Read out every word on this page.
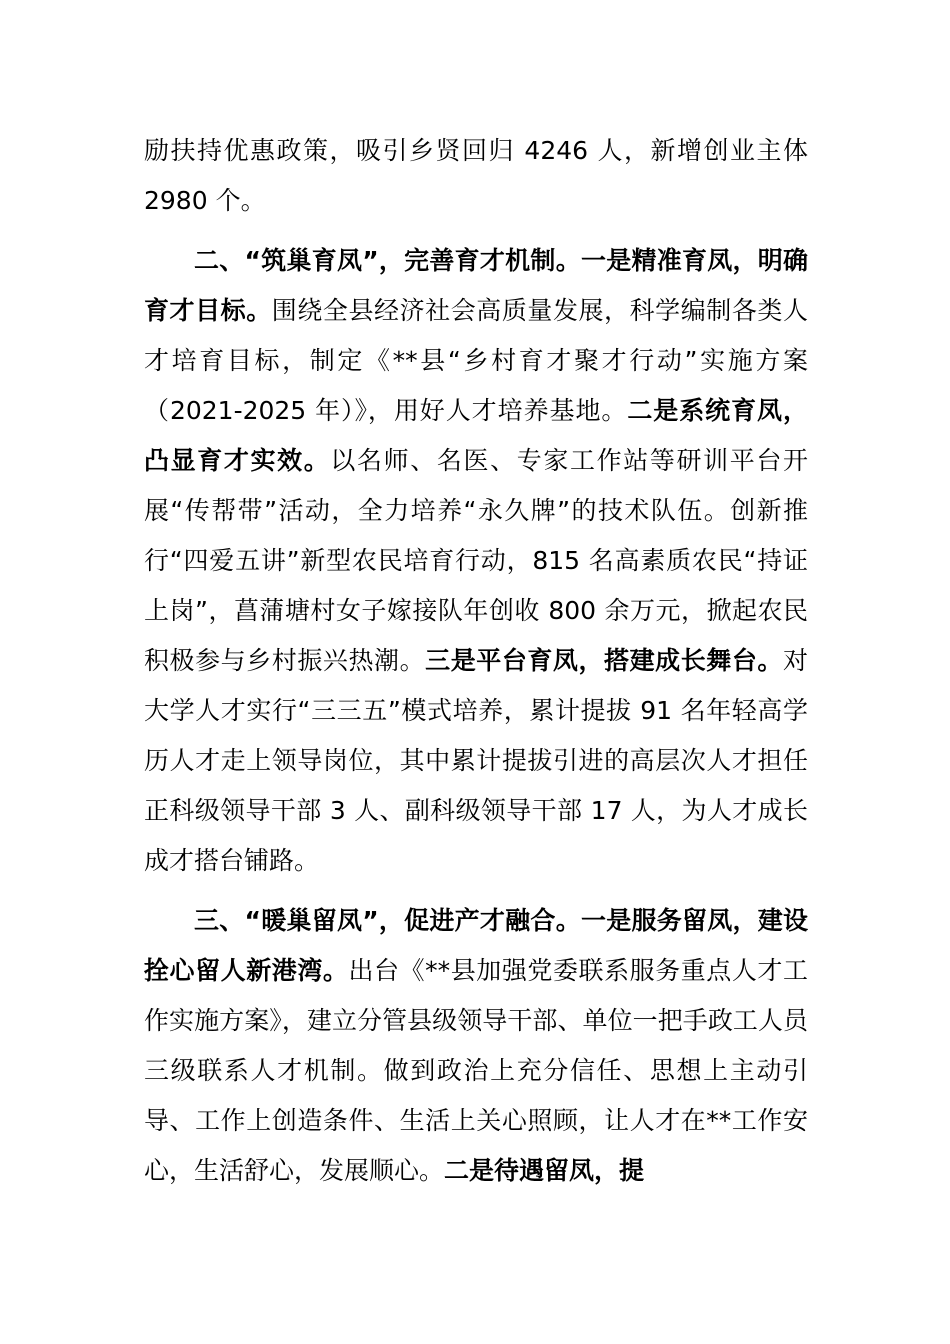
励扶持优惠政策，吸引乡贤回归 4246 人，新增创业主体 2980 个。

二、“筑巢育凤”，完善育才机制。一是精准育凤，明确育才目标。围绕全县经济社会高质量发展，科学编制各类人才培育目标，制定《**县“乡村育才聚才行动”实施方案（2021-2025 年）》，用好人才培养基地。二是系统育凤，凸显育才实效。以名师、名医、专家工作站等研训平台开展“传帮带”活动，全力培养“永久牌”的技术队伍。创新推行“四爱五讲”新型农民培育行动，815 名高素质农民“持证上岗”，菖蒲塘村女子嫁接队年创收 800 余万元，掀起农民积极参与乡村振兴热潮。三是平台育凤，搭建成长舞台。对大学人才实行“三三五”模式培养，累计提拔 91 名年轻高学历人才走上领导岗位，其中累计提拔引进的高层次人才担任正科级领导干部 3 人、副科级领导干部 17 人，为人才成长成才搭台铺路。

三、“暖巢留凤”，促进产才融合。一是服务留凤，建设拴心留人新港湾。出台《**县加强党委联系服务重点人才工作实施方案》，建立分管县级领导干部、单位一把手政工人员三级联系人才机制。做到政治上充分信任、思想上主动引导、工作上创造条件、生活上关心照顾，让人才在**工作安心，生活舒心，发展顺心。二是待遇留凤，提
